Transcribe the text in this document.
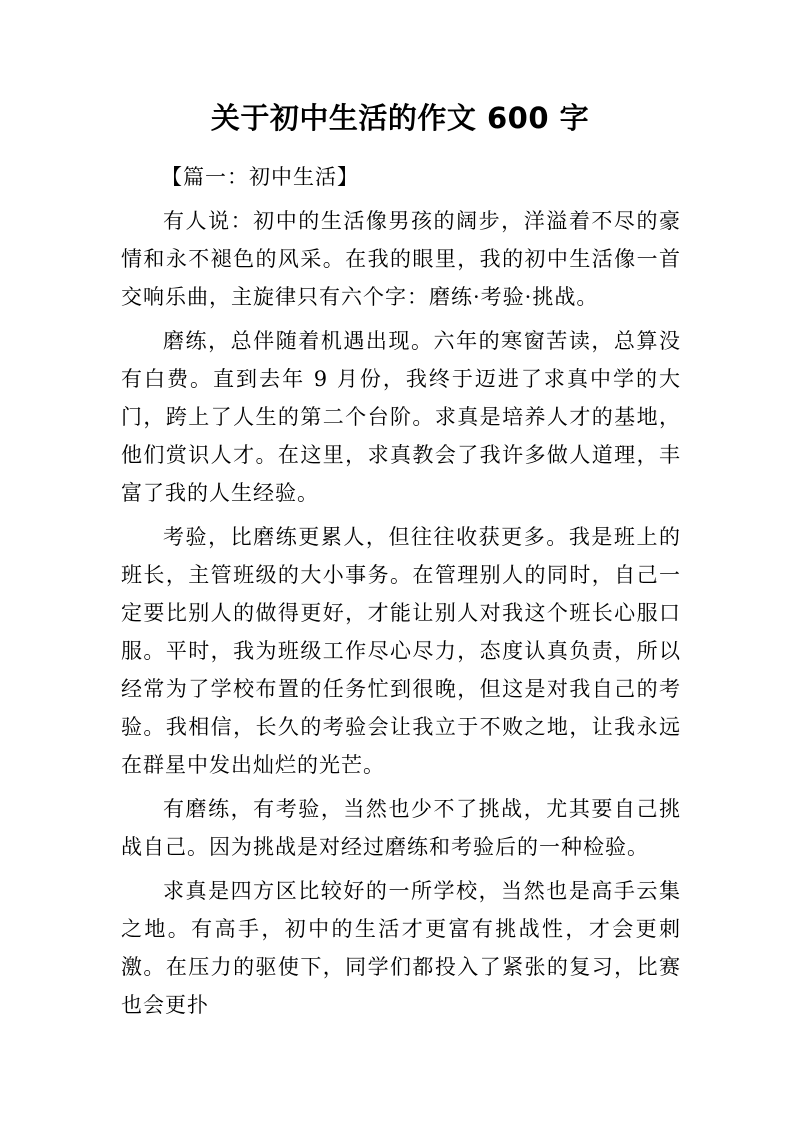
关于初中生活的作文 600 字

【篇一：初中生活】

有人说：初中的生活像男孩的阔步，洋溢着不尽的豪情和永不褪色的风采。在我的眼里，我的初中生活像一首交响乐曲，主旋律只有六个字：磨练·考验·挑战。

磨练，总伴随着机遇出现。六年的寒窗苦读，总算没有白费。直到去年 9 月份，我终于迈进了求真中学的大门，跨上了人生的第二个台阶。求真是培养人才的基地，他们赏识人才。在这里，求真教会了我许多做人道理，丰富了我的人生经验。

考验，比磨练更累人，但往往收获更多。我是班上的班长，主管班级的大小事务。在管理别人的同时，自己一定要比别人的做得更好，才能让别人对我这个班长心服口服。平时，我为班级工作尽心尽力，态度认真负责，所以经常为了学校布置的任务忙到很晚，但这是对我自己的考验。我相信，长久的考验会让我立于不败之地，让我永远在群星中发出灿烂的光芒。

有磨练，有考验，当然也少不了挑战，尤其要自己挑战自己。因为挑战是对经过磨练和考验后的一种检验。

求真是四方区比较好的一所学校，当然也是高手云集之地。有高手，初中的生活才更富有挑战性，才会更刺激。在压力的驱使下，同学们都投入了紧张的复习，比赛也会更扑
